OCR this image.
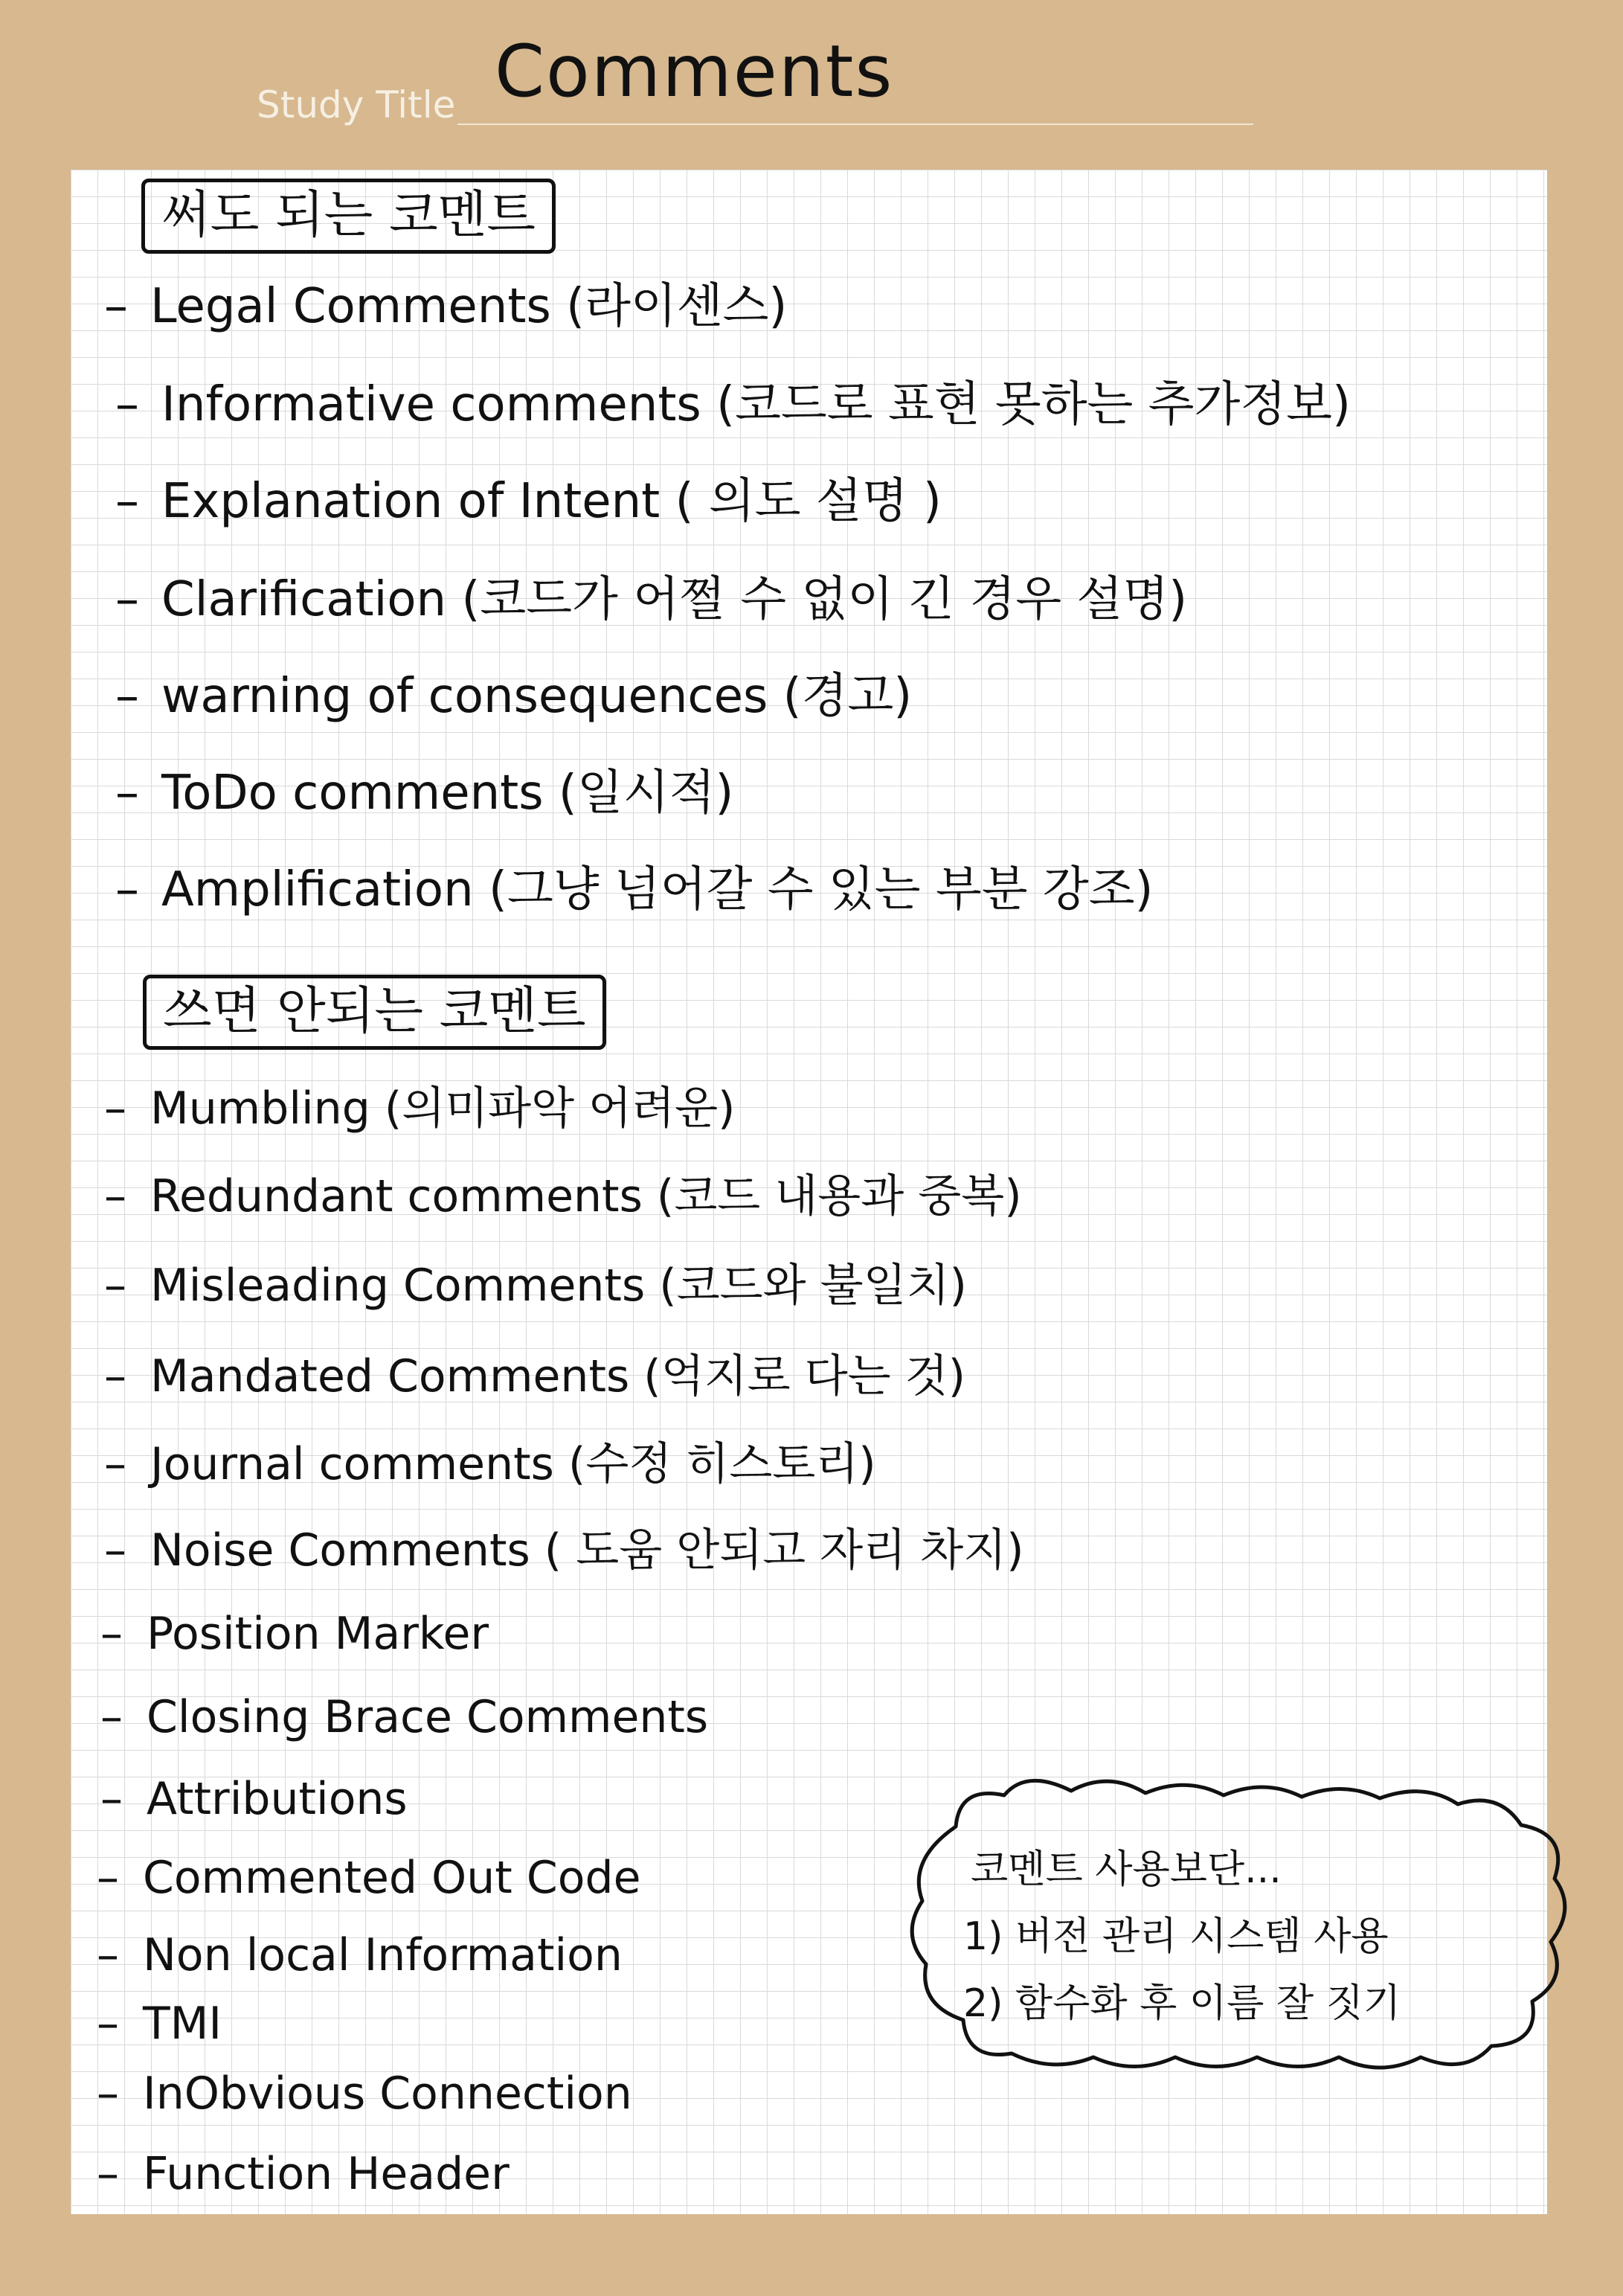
Study Title Comments
써도 되는 코멘트
– Legal Comments (라이센스)
– Informative comments (코드로 표현 못하는 추가정보)
– Explanation of Intent ( 의도 설명 )
– Clarification (코드가 어쩔 수 없이 긴 경우 설명)
– warning of consequences (경고)
– ToDo comments (일시적)
– Amplification (그냥 넘어갈 수 있는 부분 강조)
쓰면 안되는 코멘트
– Mumbling (의미파악 어려운)
– Redundant comments (코드 내용과 중복)
– Misleading Comments (코드와 불일치)
– Mandated Comments (억지로 다는 것)
– Journal comments (수정 히스토리)
– Noise Comments ( 도움 안되고 자리 차지)
– Position Marker
– Closing Brace Comments
– Attributions
– Commented Out Code
– Non local Information
– TMI
– InObvious Connection
– Function Header
코멘트 사용보단...
1) 버전 관리 시스템 사용
2) 함수화 후 이름 잘 짓기
